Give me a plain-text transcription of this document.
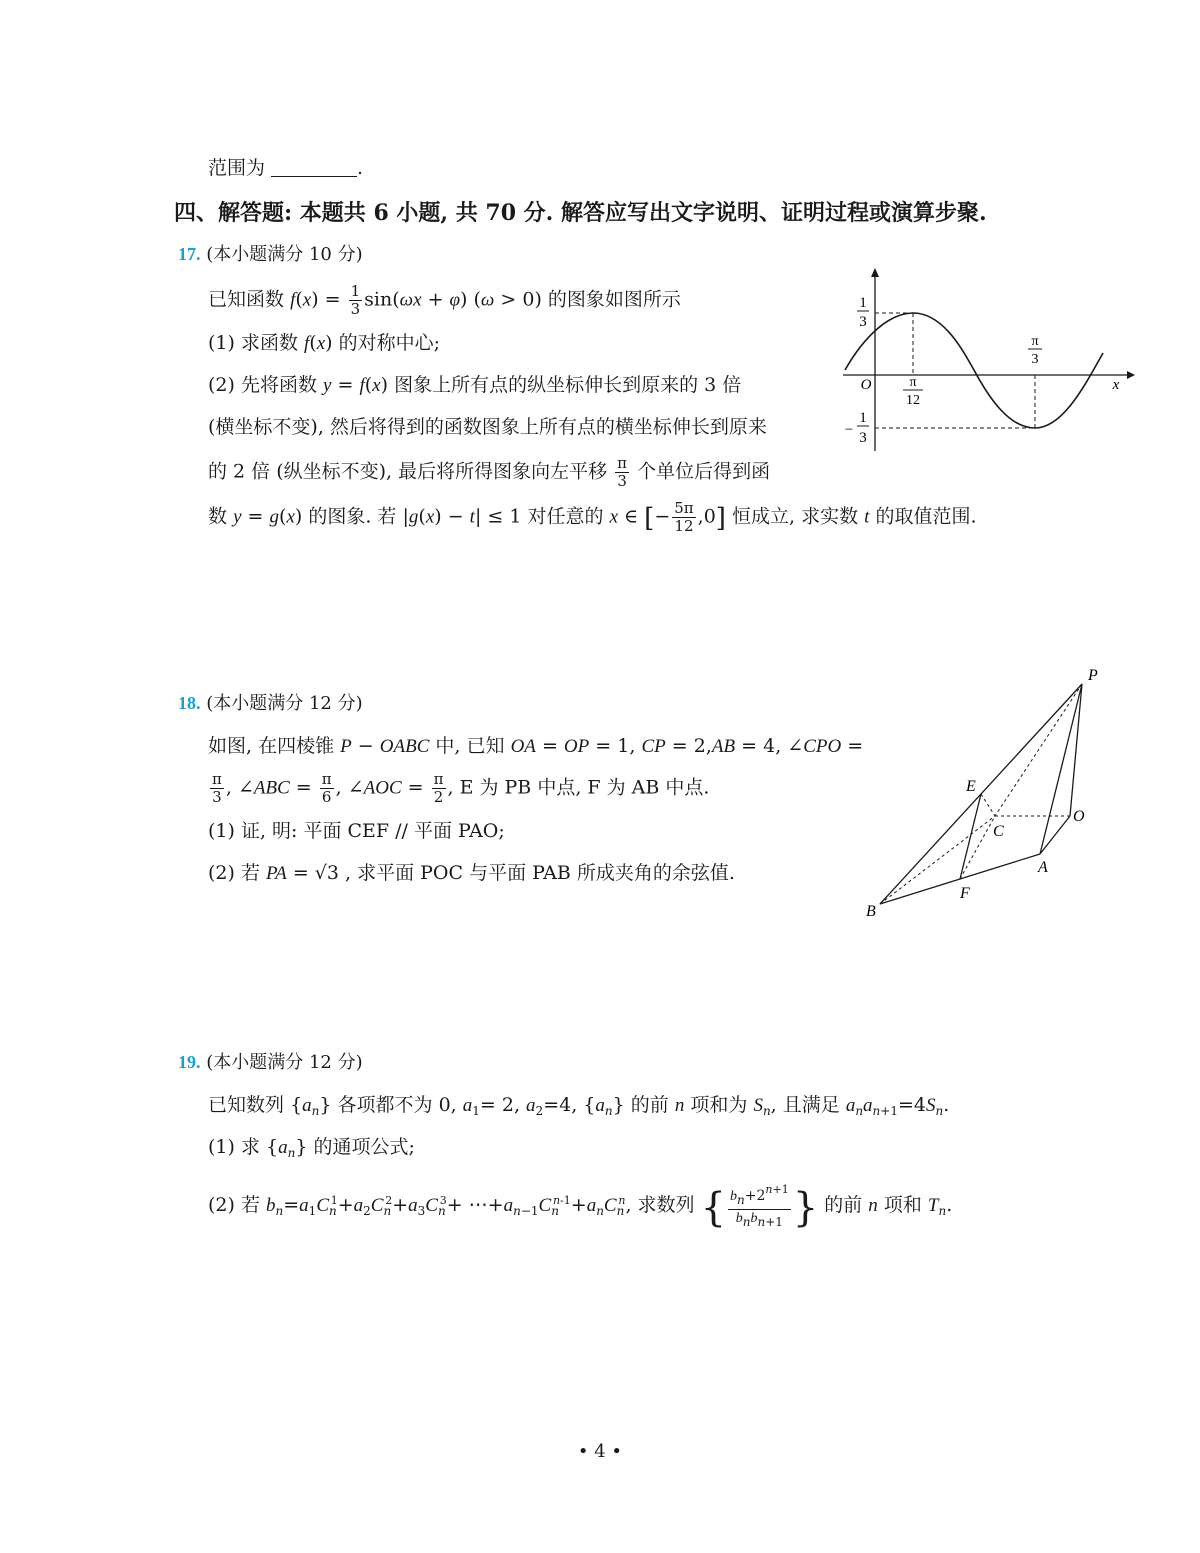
范围为	.
四、解答题: 本题共 6 小题, 共 70 分. 解答应写出文字说明、证明过程或演算步聚.
17. (本小题满分 10 分)
已知函数 $f(x) = \frac{1}{3} \sin(\omega x + \varphi) (\omega > 0)$ 的图象如图所示
(1) 求函数 f(x) 的对称中心;
(2) 先将函数 y = f(x) 图象上所有点的纵坐标伸长到原来的 3 倍
(横坐标不变), 然后将得到的函数图象上所有点的横坐标伸长到原来
的 2 倍 (纵坐标不变), 最后将所得图象向左平移 $\frac{\pi}{3}$ 个单位后得到函
数 y = g(x) 的图象. 若 |g(x) − t| ≤ 1 对任意的 x ∈ [− $\frac{5\pi}{12} ,0$] 恒成立, 求实数 t 的取值范围.
1
3
−
1
3
O	x
π
12
π
3
18. (本小题满分 12 分)
如图, 在四棱锥 P − OABC 中, 已知 OA = OP = 1, CP = 2,AB = 4, ∠CPO =
$\frac{\pi}{3}$ , ∠ABC = $\frac{\pi}{6}$ , ∠AOC = $\frac{\pi}{2}$ , E 为 PB 中点, F 为 AB 中点.
(1) 证, 明: 平面 CEF // 平面 PAO;
(2) 若 PA = √3 , 求平面 POC 与平面 PAB 所成夹角的余弦值.
P
E
C
O
A
F
B
19. (本小题满分 12 分)
已知数列 $\{a_n\}$ 各项都不为 0, $a_1= 2$, $a_2=4$, $\{a_n\}$ 的前 n 项和为 $S_n$, 且满足 $a_na_{n+1}=4S_n$.
(1) 求 $\{a_n\}$ 的通项公式;
(2) 若 $b_n=a_1C_n^1+a_2C_n^2+a_3C_n^3+$ $\cdots+a_{n-1}C_n^{n-1}+a_nC_n^n$, 求数列 { $\frac{bn+2^{n+1}}{\text{bnbn+1}}$ } 的前 n 项和 $T_n$.
• 4 •
